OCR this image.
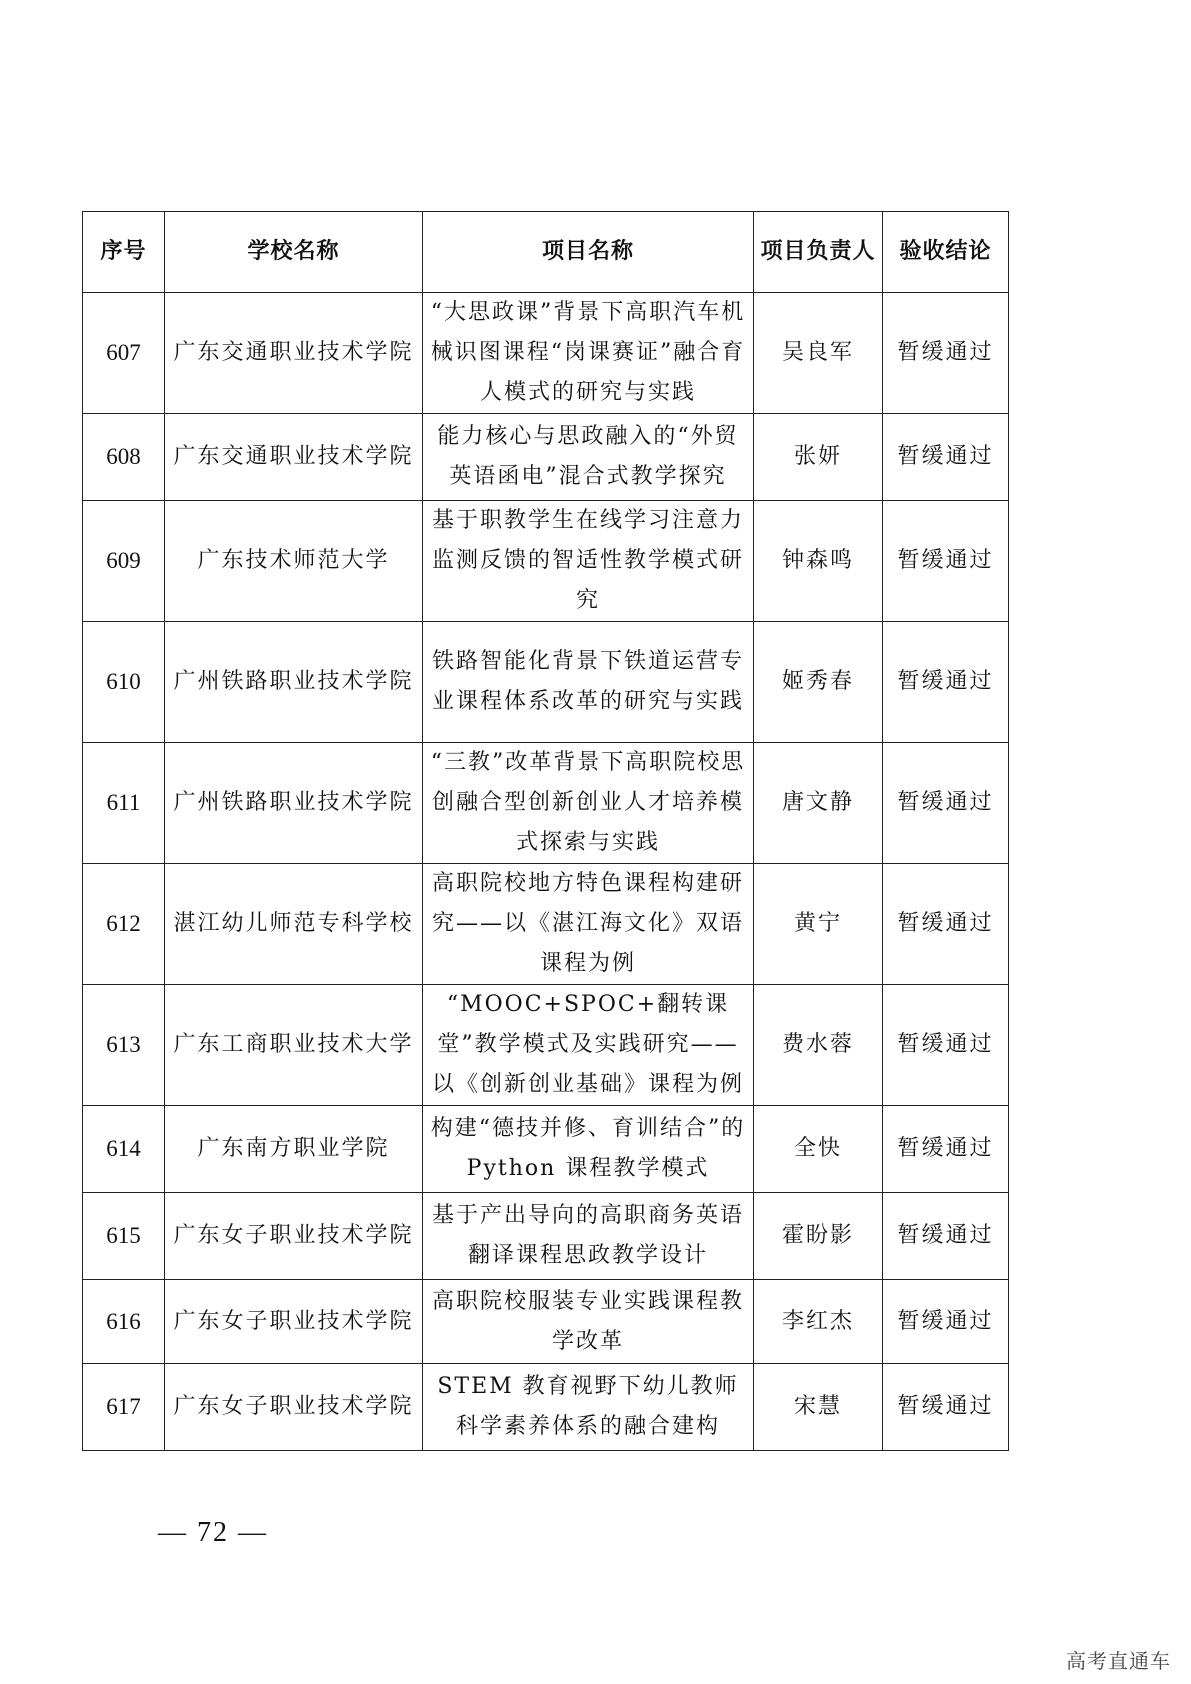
序号	学校名称	项目名称	项目负责人	验收结论
607	广东交通职业技术学院	“大思政课”背景下高职汽车机械识图课程“岗课赛证”融合育人模式的研究与实践	吴良军	暂缓通过
608	广东交通职业技术学院	能力核心与思政融入的“外贸英语函电”混合式教学探究	张妍	暂缓通过
609	广东技术师范大学	基于职教学生在线学习注意力监测反馈的智适性教学模式研究	钟森鸣	暂缓通过
610	广州铁路职业技术学院	铁路智能化背景下铁道运营专业课程体系改革的研究与实践	姬秀春	暂缓通过
611	广州铁路职业技术学院	“三教”改革背景下高职院校思创融合型创新创业人才培养模式探索与实践	唐文静	暂缓通过
612	湛江幼儿师范专科学校	高职院校地方特色课程构建研究——以《湛江海文化》双语课程为例	黄宁	暂缓通过
613	广东工商职业技术大学	“MOOC+SPOC+翻转课堂”教学模式及实践研究——以《创新创业基础》课程为例	费水蓉	暂缓通过
614	广东南方职业学院	构建“德技并修、育训结合”的Python 课程教学模式	全快	暂缓通过
615	广东女子职业技术学院	基于产出导向的高职商务英语翻译课程思政教学设计	霍盼影	暂缓通过
616	广东女子职业技术学院	高职院校服装专业实践课程教学改革	李红杰	暂缓通过
617	广东女子职业技术学院	STEM 教育视野下幼儿教师科学素养体系的融合建构	宋慧	暂缓通过
— 72 —
高考直通车
